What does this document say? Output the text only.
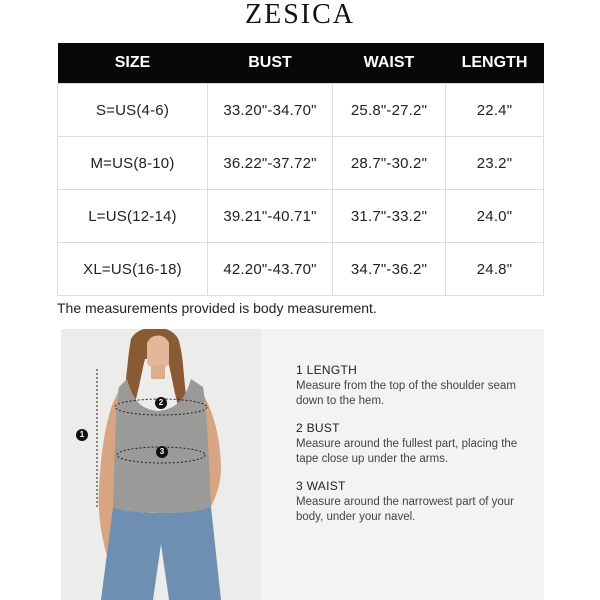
ZESICA
SIZE	BUST	WAIST	LENGTH
S=US(4-6)	33.20"-34.70"	25.8"-27.2"	22.4"
M=US(8-10)	36.22"-37.72"	28.7"-30.2"	23.2"
L=US(12-14)	39.21"-40.71"	31.7"-33.2"	24.0"
XL=US(16-18)	42.20"-43.70"	34.7"-36.2"	24.8"
The measurements provided is body measurement.
1
2
3
1 LENGTH
Measure from the top of the shoulder seam down to the hem.
2 BUST
Measure around the fullest part, placing the tape close up under the arms.
3 WAIST
Measure around the narrowest part of your body, under your navel.
